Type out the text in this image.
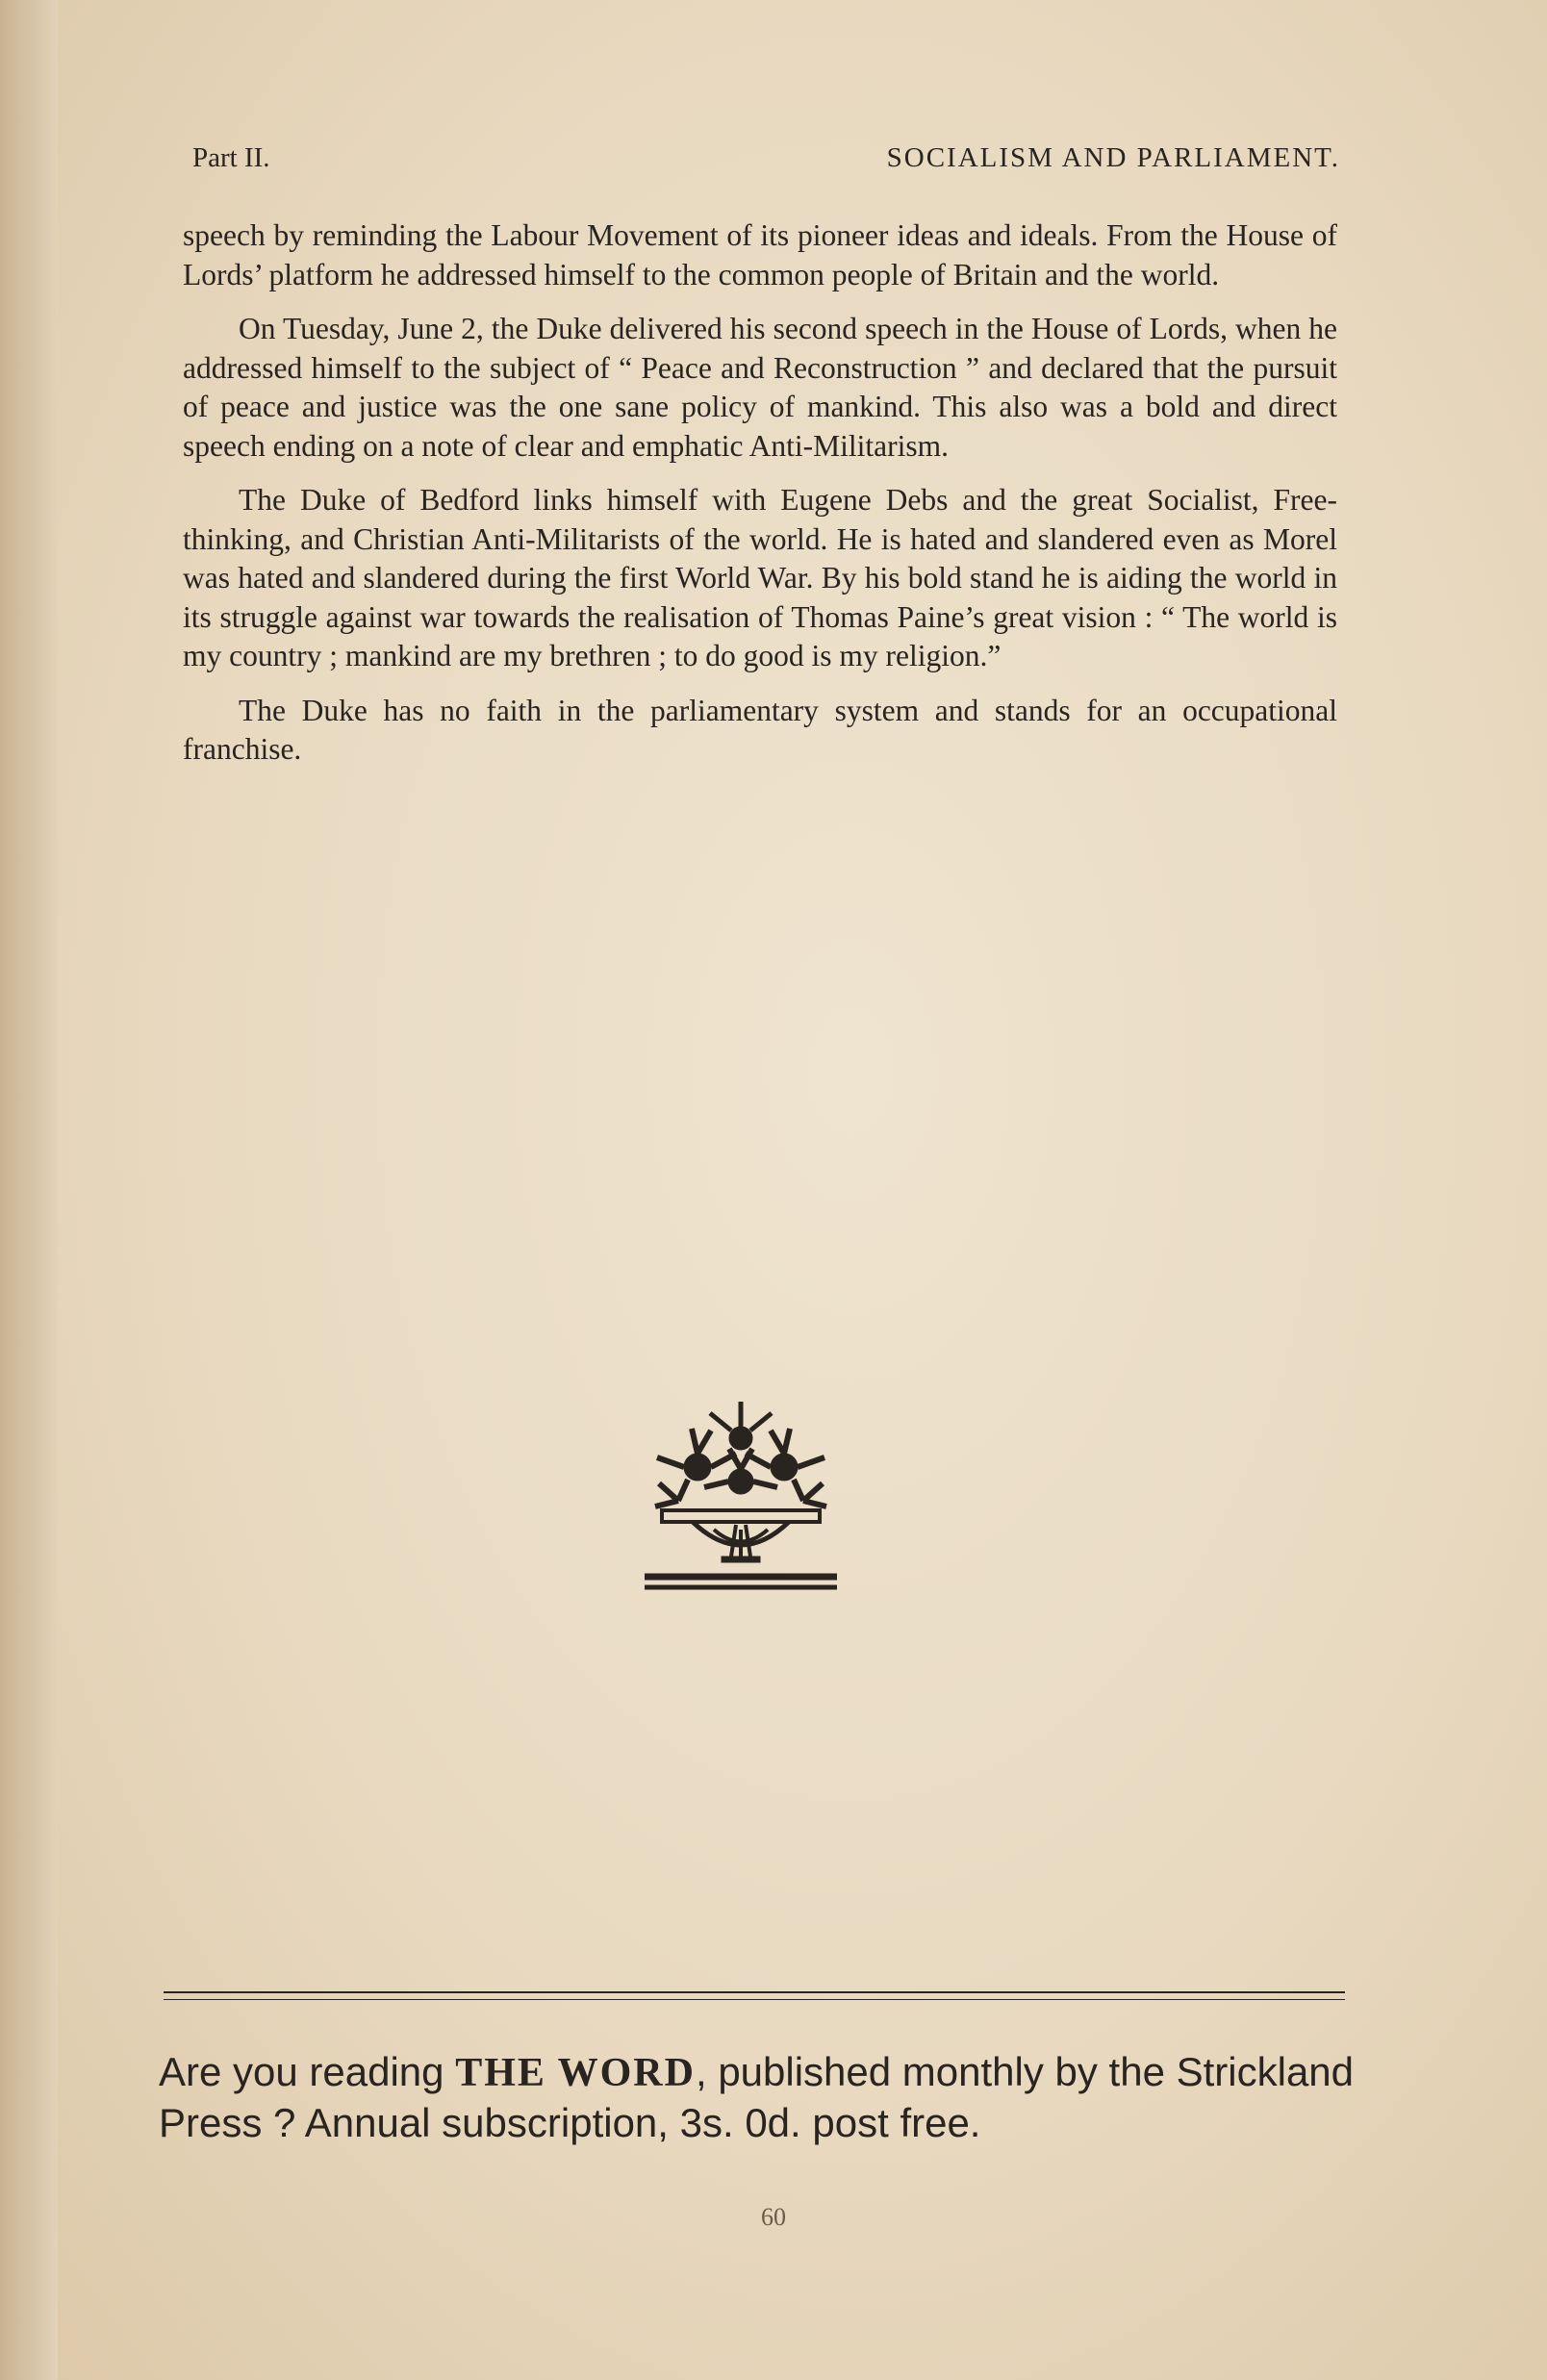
Part II.	SOCIALISM AND PARLIAMENT.

speech by reminding the Labour Movement of its pioneer ideas and ideals. From the House of Lords’ platform he addressed himself to the common people of Britain and the world.

On Tuesday, June 2, the Duke delivered his second speech in the House of Lords, when he addressed himself to the subject of “ Peace and Reconstruction ” and declared that the pursuit of peace and justice was the one sane policy of mankind. This also was a bold and direct speech ending on a note of clear and emphatic Anti-Militarism.

The Duke of Bedford links himself with Eugene Debs and the great Socialist, Free-thinking, and Christian Anti-Militarists of the world. He is hated and slandered even as Morel was hated and slandered during the first World War. By his bold stand he is aiding the world in its struggle against war towards the realisation of Thomas Paine’s great vision : “ The world is my country ; mankind are my brethren ; to do good is my religion.”

The Duke has no faith in the parliamentary system and stands for an occupational franchise.

Are you reading THE WORD, published monthly by the Strickland Press ? Annual subscription, 3s. 0d. post free.
60
